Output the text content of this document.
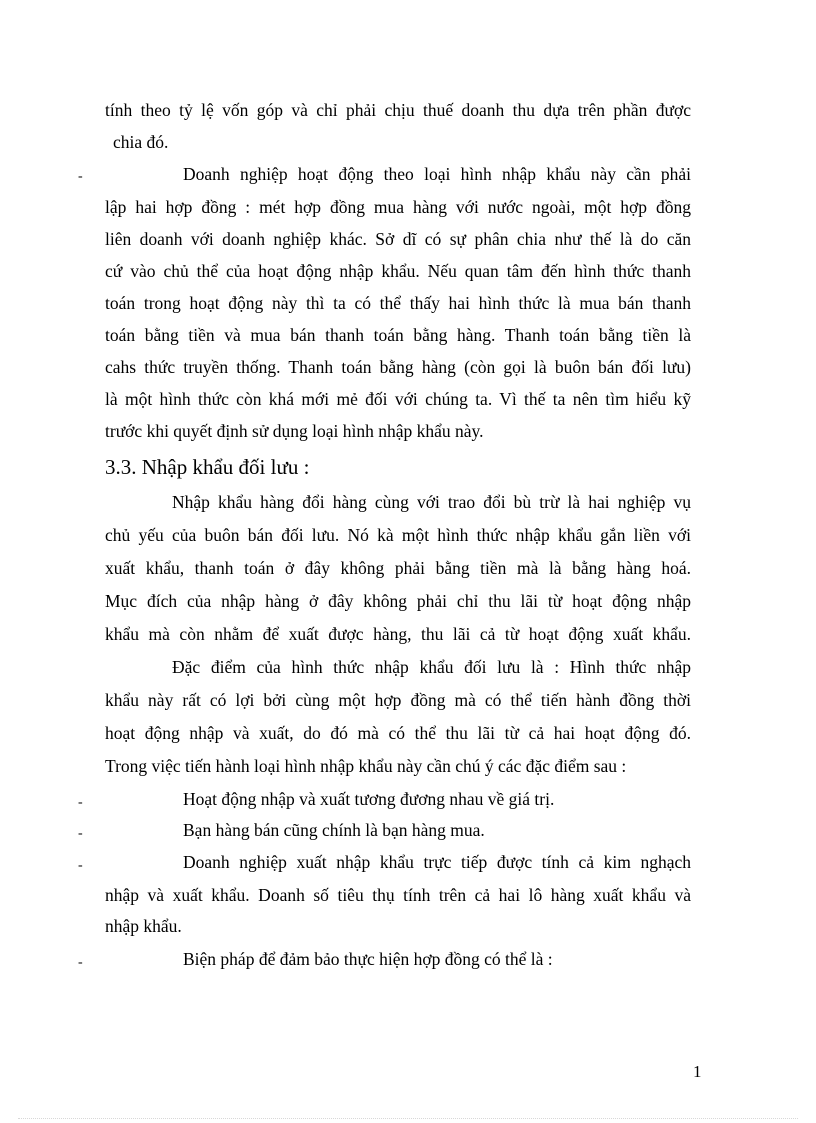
tính theo tỷ lệ vốn góp và chỉ phải chịu thuế doanh thu dựa trên phần được
chia đó.
-	Doanh nghiệp hoạt động theo loại hình nhập khẩu này cần phải
lập hai hợp đồng : mét hợp đồng mua hàng với nước ngoài, một hợp đồng
liên doanh với doanh nghiệp khác. Sở dĩ có sự phân chia như thế là do căn
cứ vào chủ thể của hoạt động nhập khẩu. Nếu quan tâm đến hình thức thanh
toán trong hoạt động này thì ta có thể thấy hai hình thức là mua bán thanh
toán bằng tiền và mua bán thanh toán bằng hàng. Thanh toán bằng tiền là
cahs thức truyền thống. Thanh toán bằng hàng (còn gọi là buôn bán đối lưu)
là một hình thức còn khá mới mẻ đối với chúng ta. Vì thế ta nên tìm hiểu kỹ
trước khi quyết định sử dụng loại hình nhập khẩu này.
3.3. Nhập khẩu đối lưu :
Nhập khẩu hàng đổi hàng cùng với trao đổi bù trừ là hai nghiệp vụ
chủ yếu của buôn bán đối lưu. Nó kà một hình thức nhập khẩu gắn liền với
xuất khẩu, thanh toán ở đây không phải bằng tiền mà là bằng hàng hoá.
Mục đích của nhập hàng ở đây không phải chỉ thu lãi từ hoạt động nhập
khẩu mà còn nhằm để xuất được hàng, thu lãi cả từ hoạt động xuất khẩu.
Đặc điểm của hình thức nhập khẩu đối lưu là : Hình thức nhập
khẩu này rất có lợi bởi cùng một hợp đồng mà có thể tiến hành đồng thời
hoạt động nhập và xuất, do đó mà có thể thu lãi từ cả hai hoạt động đó.
Trong việc tiến hành loại hình nhập khẩu này cần chú ý các đặc điểm sau :
-	Hoạt động nhập và xuất tương đương nhau về giá trị.
-	Bạn hàng bán cũng chính là bạn hàng mua.
-	Doanh nghiệp xuất nhập khẩu trực tiếp được tính cả kim nghạch
nhập và xuất khẩu. Doanh số tiêu thụ tính trên cả hai lô hàng xuất khẩu và
nhập khẩu.
-	Biện pháp để đảm bảo thực hiện hợp đồng có thể là :
1
